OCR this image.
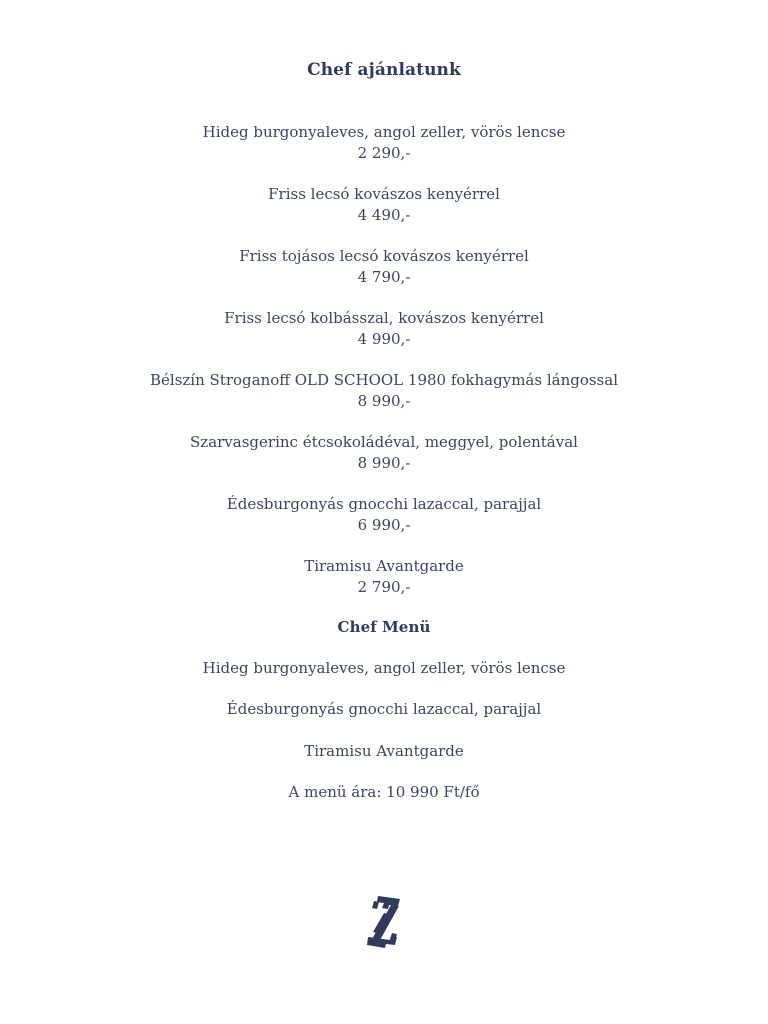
Chef ajánlatunk
Hideg burgonyaleves, angol zeller, vörös lencse
2 290,-
Friss lecsó kovászos kenyérrel
4 490,-
Friss tojásos lecsó kovászos kenyérrel
4 790,-
Friss lecsó kolbásszal, kovászos kenyérrel
4 990,-
Bélszín Stroganoff OLD SCHOOL 1980 fokhagymás lángossal
8 990,-
Szarvasgerinc étcsokoládéval, meggyel, polentával
8 990,-
Édesburgonyás gnocchi lazaccal, parajjal
6 990,-
Tiramisu Avantgarde
2 790,-
Chef Menü
Hideg burgonyaleves, angol zeller, vörös lencse
Édesburgonyás gnocchi lazaccal, parajjal
Tiramisu Avantgarde
A menü ára: 10 990 Ft/fő
